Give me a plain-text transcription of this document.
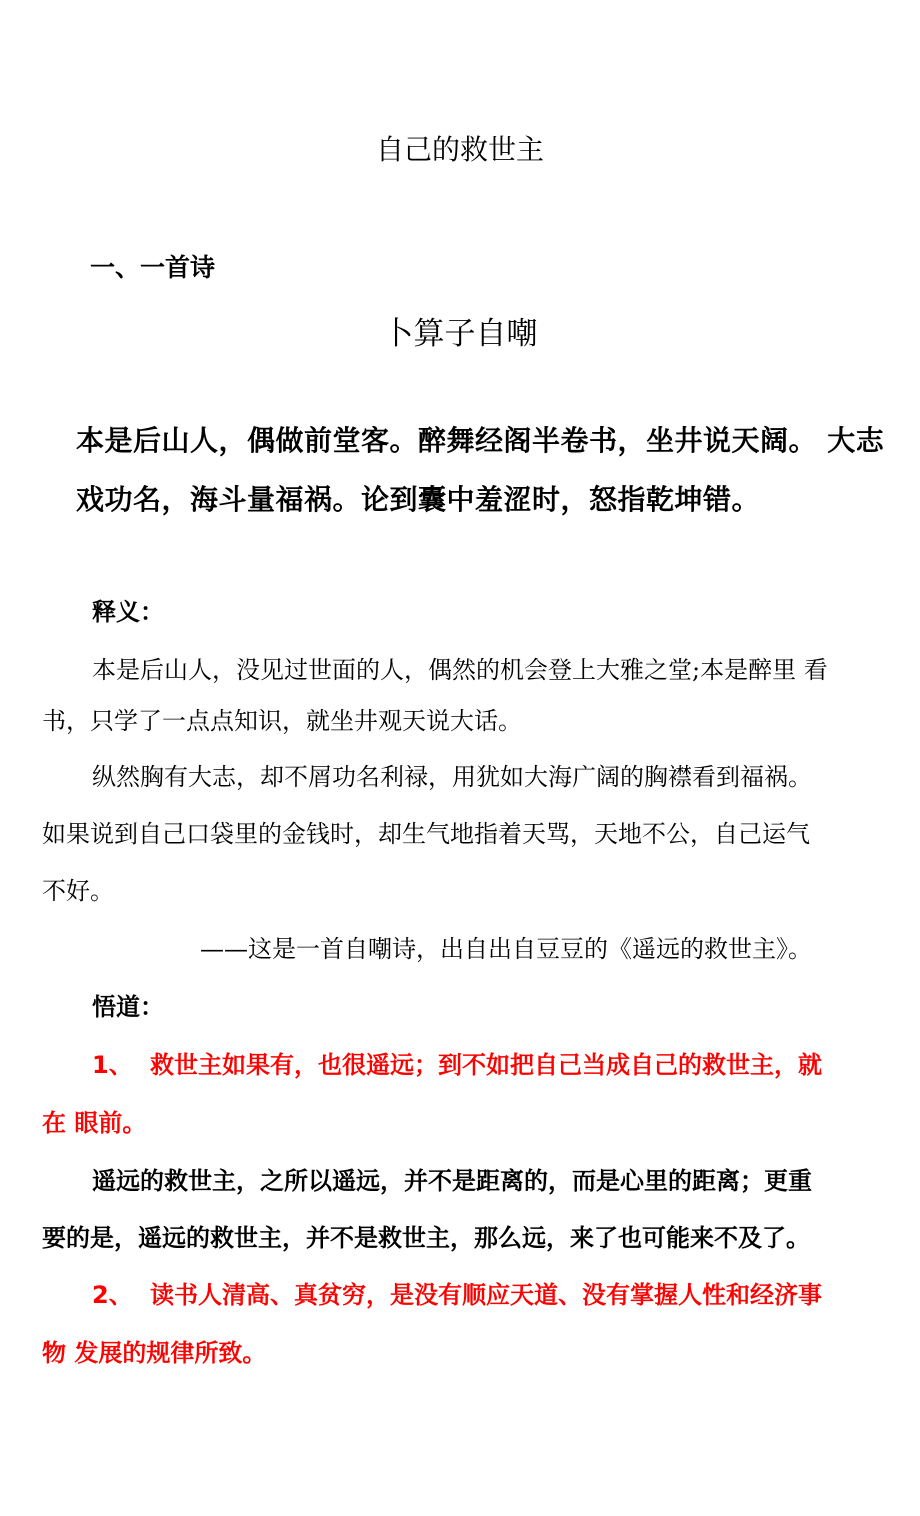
自己的救世主
一、一首诗
卜算子自嘲
本是后山人，偶做前堂客。醉舞经阁半卷书，坐井说天阔。 大志
戏功名，海斗量福祸。论到囊中羞涩时，怒指乾坤错。
释义：
本是后山人，没见过世面的人，偶然的机会登上大雅之堂;本是醉里 看
书，只学了一点点知识，就坐井观天说大话。
纵然胸有大志，却不屑功名利禄，用犹如大海广阔的胸襟看到福祸。
如果说到自己口袋里的金钱时，却生气地指着天骂，天地不公，自己运气
不好。
——这是一首自嘲诗，出自出自豆豆的《遥远的救世主》。
悟道：
1、 救世主如果有，也很遥远；到不如把自己当成自己的救世主，就
在 眼前。
遥远的救世主，之所以遥远，并不是距离的，而是心里的距离；更重
要的是，遥远的救世主，并不是救世主，那么远，来了也可能来不及了。
2、 读书人清高、真贫穷，是没有顺应天道、没有掌握人性和经济事
物 发展的规律所致。
